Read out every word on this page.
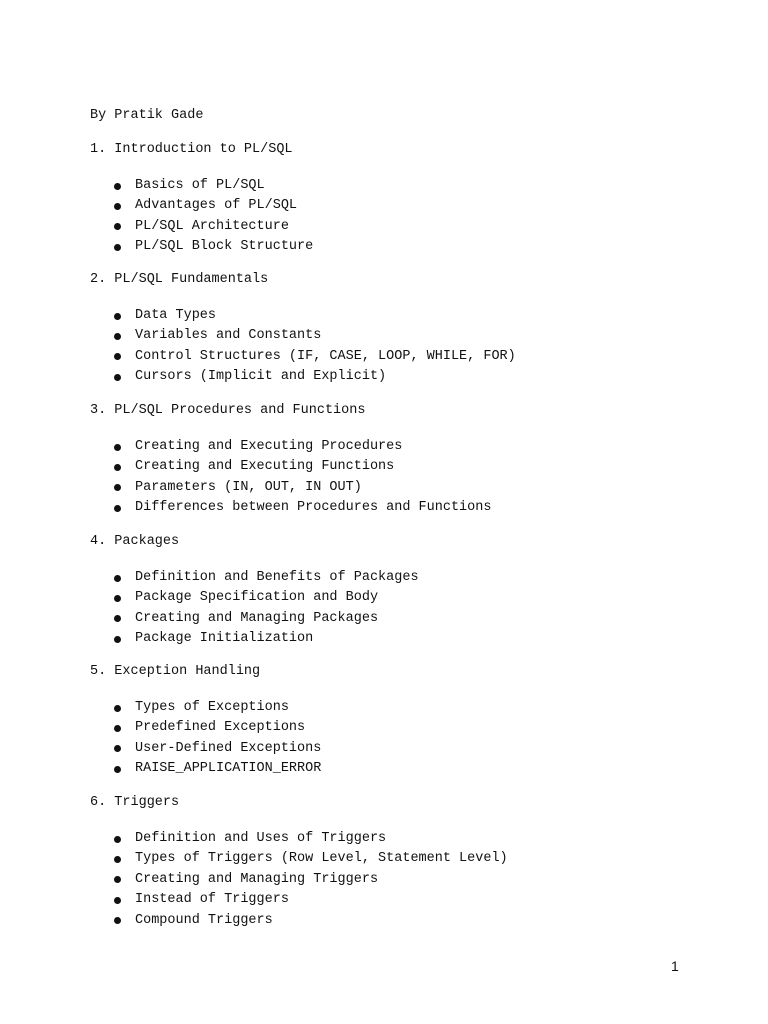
By Pratik Gade

1. Introduction to PL/SQL

Basics of PL/SQL
Advantages of PL/SQL
PL/SQL Architecture
PL/SQL Block Structure

2. PL/SQL Fundamentals

Data Types
Variables and Constants
Control Structures (IF, CASE, LOOP, WHILE, FOR)
Cursors (Implicit and Explicit)

3. PL/SQL Procedures and Functions

Creating and Executing Procedures
Creating and Executing Functions
Parameters (IN, OUT, IN OUT)
Differences between Procedures and Functions

4. Packages

Definition and Benefits of Packages
Package Specification and Body
Creating and Managing Packages
Package Initialization

5. Exception Handling

Types of Exceptions
Predefined Exceptions
User-Defined Exceptions
RAISE_APPLICATION_ERROR

6. Triggers

Definition and Uses of Triggers
Types of Triggers (Row Level, Statement Level)
Creating and Managing Triggers
Instead of Triggers
Compound Triggers
1
